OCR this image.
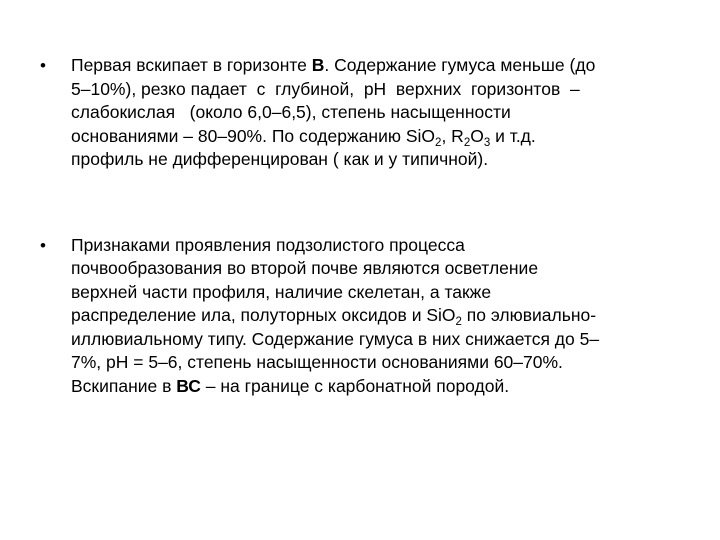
• Первая вскипает в горизонте В. Содержание гумуса меньше (до
5–10%), резко падает  с  глубиной,  рН  верхних  горизонтов  –
слабокислая   (около 6,0–6,5), степень насыщенности
основаниями – 80–90%. По содержанию SiO$_2$, $R_2O_3$ и т.д.
профиль не дифференцирован ( как и у типичной).
• Признаками проявления подзолистого процесса
почвообразования во второй почве являются осветление
верхней части профиля, наличие скелетан, а также
распределение ила, полуторных оксидов и SiO$_2$ по элювиально-
иллювиальному типу. Содержание гумуса в них снижается до 5–
7%, рН = 5–6, степень насыщенности основаниями 60–70%.
Вскипание в ВС – на границе с карбонатной породой.
